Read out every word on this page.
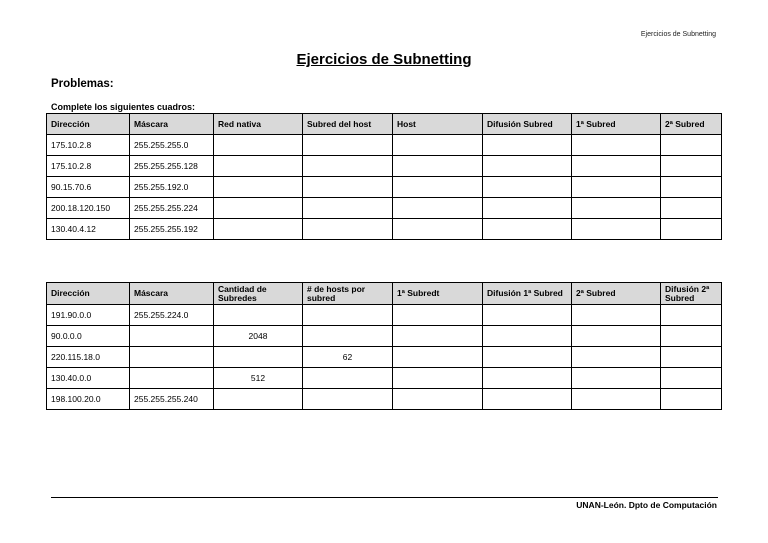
Ejercicios de Subnetting
Ejercicios de Subnetting
Problemas:
Complete los siguientes cuadros:
Dirección	Máscara	Red nativa	Subred del host	Host	Difusión Subred	1ª Subred	2ª Subred
175.10.2.8	255.255.255.0						
175.10.2.8	255.255.255.128						
90.15.70.6	255.255.192.0						
200.18.120.150	255.255.255.224						
130.40.4.12	255.255.255.192						
Dirección	Máscara	Cantidad de Subredes	# de hosts por subred	1ª Subredt	Difusión 1ª Subred	2ª Subred	Difusión 2ª Subred
191.90.0.0	255.255.224.0						
90.0.0.0		2048					
220.115.18.0			62				
130.40.0.0		512					
198.100.20.0	255.255.255.240						
UNAN-León. Dpto de Computación
